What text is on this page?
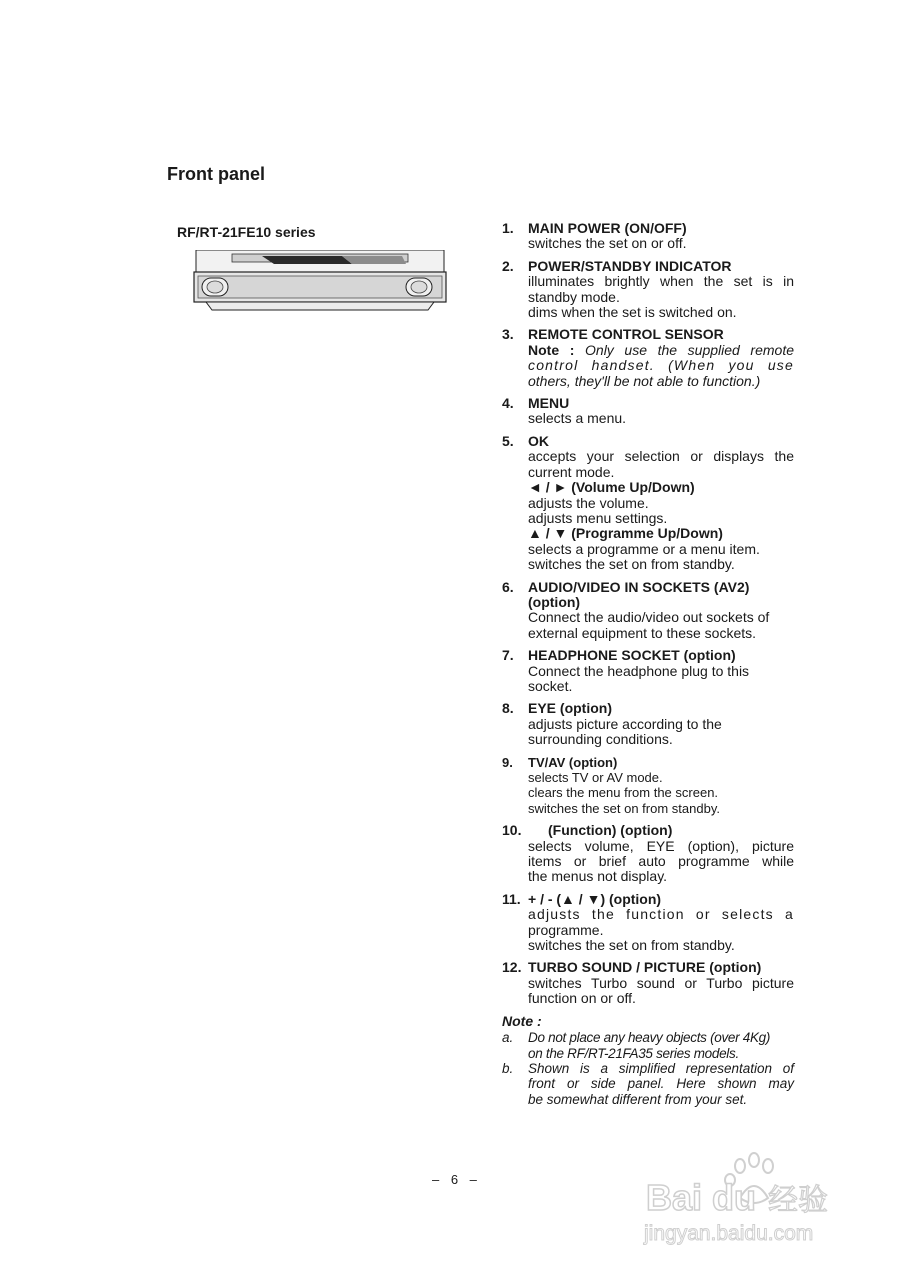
Front panel
RF/RT-21FE10 series	1. MAIN POWER (ON/OFF)
switches the set on or off.
2. POWER/STANDBY INDICATOR
illuminates brightly when the set is in
standby mode.
dims when the set is switched on.
3. REMOTE CONTROL SENSOR
Note : Only use the supplied remote
control handset. (When you use
others, they'll be not able to function.)
4. MENU
selects a menu.
5. OK
accepts your selection or displays the
current mode.
◄ / ► (Volume Up/Down)
adjusts the volume.
adjusts menu settings.
▲ / ▼ (Programme Up/Down)
selects a programme or a menu item.
switches the set on from standby.
6. AUDIO/VIDEO IN SOCKETS (AV2)
(option)
Connect the audio/video out sockets of
external equipment to these sockets.
7. HEADPHONE SOCKET (option)
Connect the headphone plug to this
socket.
8. EYE (option)
adjusts picture according to the
surrounding conditions.
9. TV/AV (option)
selects TV or AV mode.
clears the menu from the screen.
switches the set on from standby.
10.	(Function) (option)
selects volume, EYE (option), picture
items or brief auto programme while
the menus not display.
11. + / - (▲ / ▼) (option)
adjusts the function or selects a
programme.
switches the set on from standby.
12. TURBO SOUND / PICTURE (option)
switches Turbo sound or Turbo picture
function on or off.
Note :
a. Do not place any heavy objects (over 4Kg)
on the RF/RT-21FA35 series models.
b. Shown is a simplified representation of
front or side panel. Here shown may
be somewhat different from your set.
– 6 –	Bai du 经验
jingyan.baidu.com
